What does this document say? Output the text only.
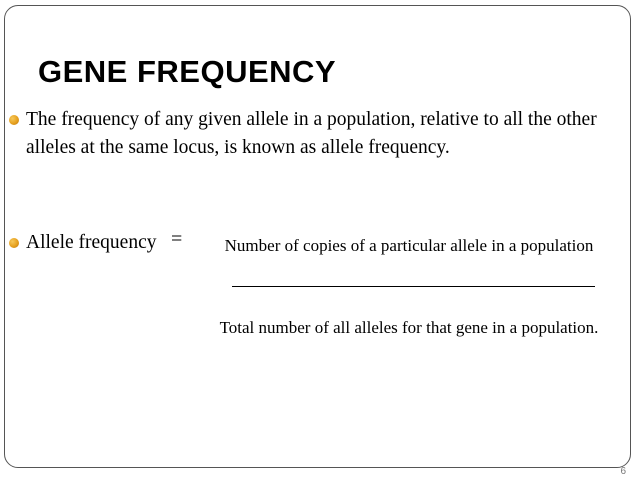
GENE FREQUENCY
The frequency of any given allele in a population, relative to all the other alleles at the same locus, is known as allele frequency.
Allele frequency =	Number of copies of a particular allele in a population
Total number of all alleles for that gene in a population.
6
